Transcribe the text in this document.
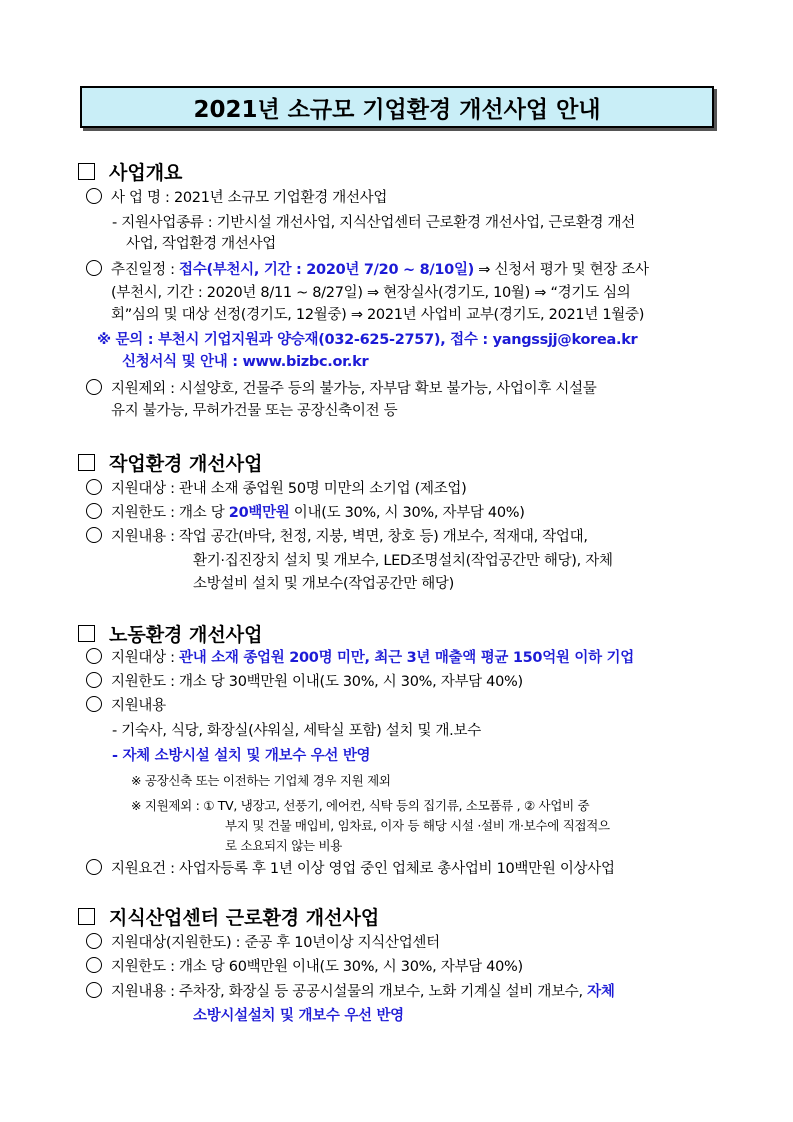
2021년 소규모 기업환경 개선사업 안내
사업개요
사 업 명 : 2021년 소규모 기업환경 개선사업
- 지원사업종류 : 기반시설 개선사업, 지식산업센터 근로환경 개선사업, 근로환경 개선
사업, 작업환경 개선사업
추진일정 : 접수(부천시, 기간 : 2020년 7/20 ~ 8/10일) ⇒ 신청서 평가 및 현장 조사
(부천시, 기간 : 2020년 8/11 ~ 8/27일) ⇒ 현장실사(경기도, 10월) ⇒ “경기도 심의
회”심의 및 대상 선정(경기도, 12월중) ⇒ 2021년 사업비 교부(경기도, 2021년 1월중)
※ 문의 : 부천시 기업지원과 양승재(032-625-2757), 접수 : yangssjj@korea.kr
신청서식 및 안내 : www.bizbc.or.kr
지원제외 : 시설양호, 건물주 등의 불가능, 자부담 확보 불가능, 사업이후 시설물
유지 불가능, 무허가건물 또는 공장신축이전 등
작업환경 개선사업
지원대상 : 관내 소재 종업원 50명 미만의 소기업 (제조업)
지원한도 : 개소 당 20백만원 이내(도 30%, 시 30%, 자부담 40%)
지원내용 : 작업 공간(바닥, 천정, 지붕, 벽면, 창호 등) 개보수, 적재대, 작업대,
환기·집진장치 설치 및 개보수, LED조명설치(작업공간만 해당), 자체
소방설비 설치 및 개보수(작업공간만 해당)
노동환경 개선사업
지원대상 : 관내 소재 종업원 200명 미만, 최근 3년 매출액 평균 150억원 이하 기업
지원한도 : 개소 당 30백만원 이내(도 30%, 시 30%, 자부담 40%)
지원내용
- 기숙사, 식당, 화장실(샤워실, 세탁실 포함) 설치 및 개.보수
- 자체 소방시설 설치 및 개보수 우선 반영
※ 공장신축 또는 이전하는 기업체 경우 지원 제외
※ 지원제외 : ① TV, 냉장고, 선풍기, 에어컨, 식탁 등의 집기류, 소모품류 , ② 사업비 중
부지 및 건물 매입비, 임차료, 이자 등 해당 시설 ·설비 개·보수에 직접적으
로 소요되지 않는 비용
지원요건 : 사업자등록 후 1년 이상 영업 중인 업체로 총사업비 10백만원 이상사업
지식산업센터 근로환경 개선사업
지원대상(지원한도) : 준공 후 10년이상 지식산업센터
지원한도 : 개소 당 60백만원 이내(도 30%, 시 30%, 자부담 40%)
지원내용 : 주차장, 화장실 등 공공시설물의 개보수, 노화 기계실 설비 개보수, 자체
소방시설설치 및 개보수 우선 반영
